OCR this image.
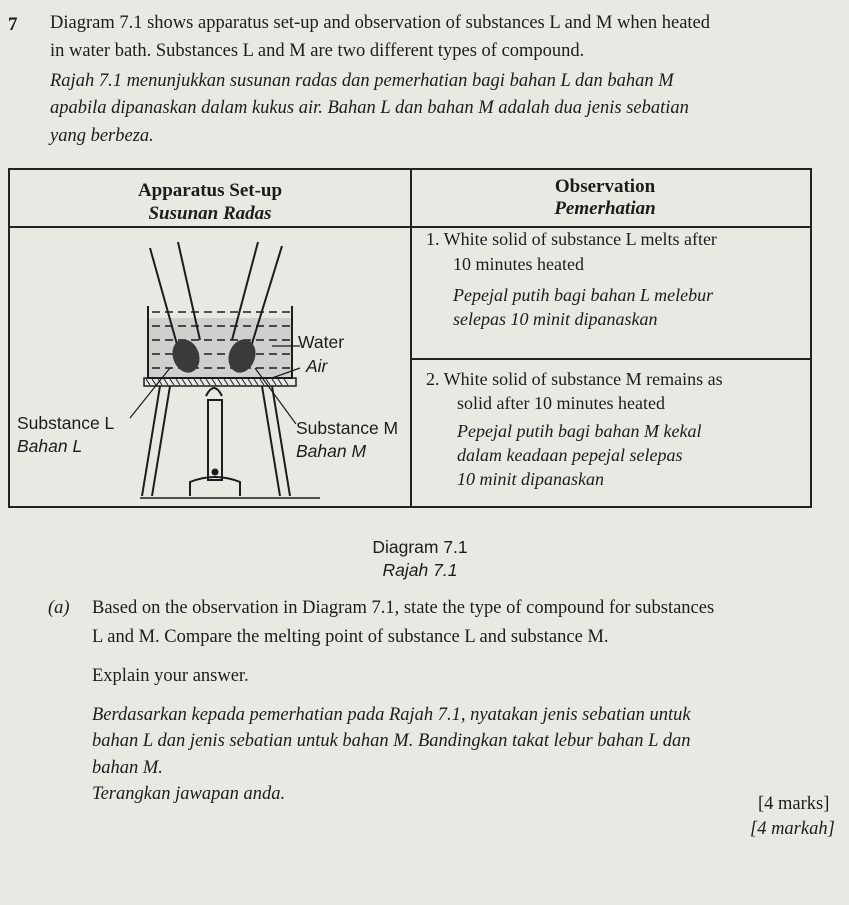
7 Diagram 7.1 shows apparatus set-up and observation of substances L and M when heated
in water bath. Substances L and M are two different types of compound.
Rajah 7.1 menunjukkan susunan radas dan pemerhatian bagi bahan L dan bahan M
apabila dipanaskan dalam kukus air. Bahan L dan bahan M adalah dua jenis sebatian
yang berbeza.
Apparatus Set-up
Susunan Radas
Observation
Pemerhatian
1. White solid of substance L melts after
10 minutes heated
Pepejal putih bagi bahan L melebur
selepas 10 minit dipanaskan
2. White solid of substance M remains as
solid after 10 minutes heated
Pepejal putih bagi bahan M kekal
dalam keadaan pepejal selepas
10 minit dipanaskan
Water
Air
Substance L
Bahan L
Substance M
Bahan M
Diagram 7.1
Rajah 7.1
(a) Based on the observation in Diagram 7.1, state the type of compound for substances
L and M. Compare the melting point of substance L and substance M.
Explain your answer.
Berdasarkan kepada pemerhatian pada Rajah 7.1, nyatakan jenis sebatian untuk
bahan L dan jenis sebatian untuk bahan M. Bandingkan takat lebur bahan L dan
bahan M.
Terangkan jawapan anda.	[4 marks]
[4 markah]
